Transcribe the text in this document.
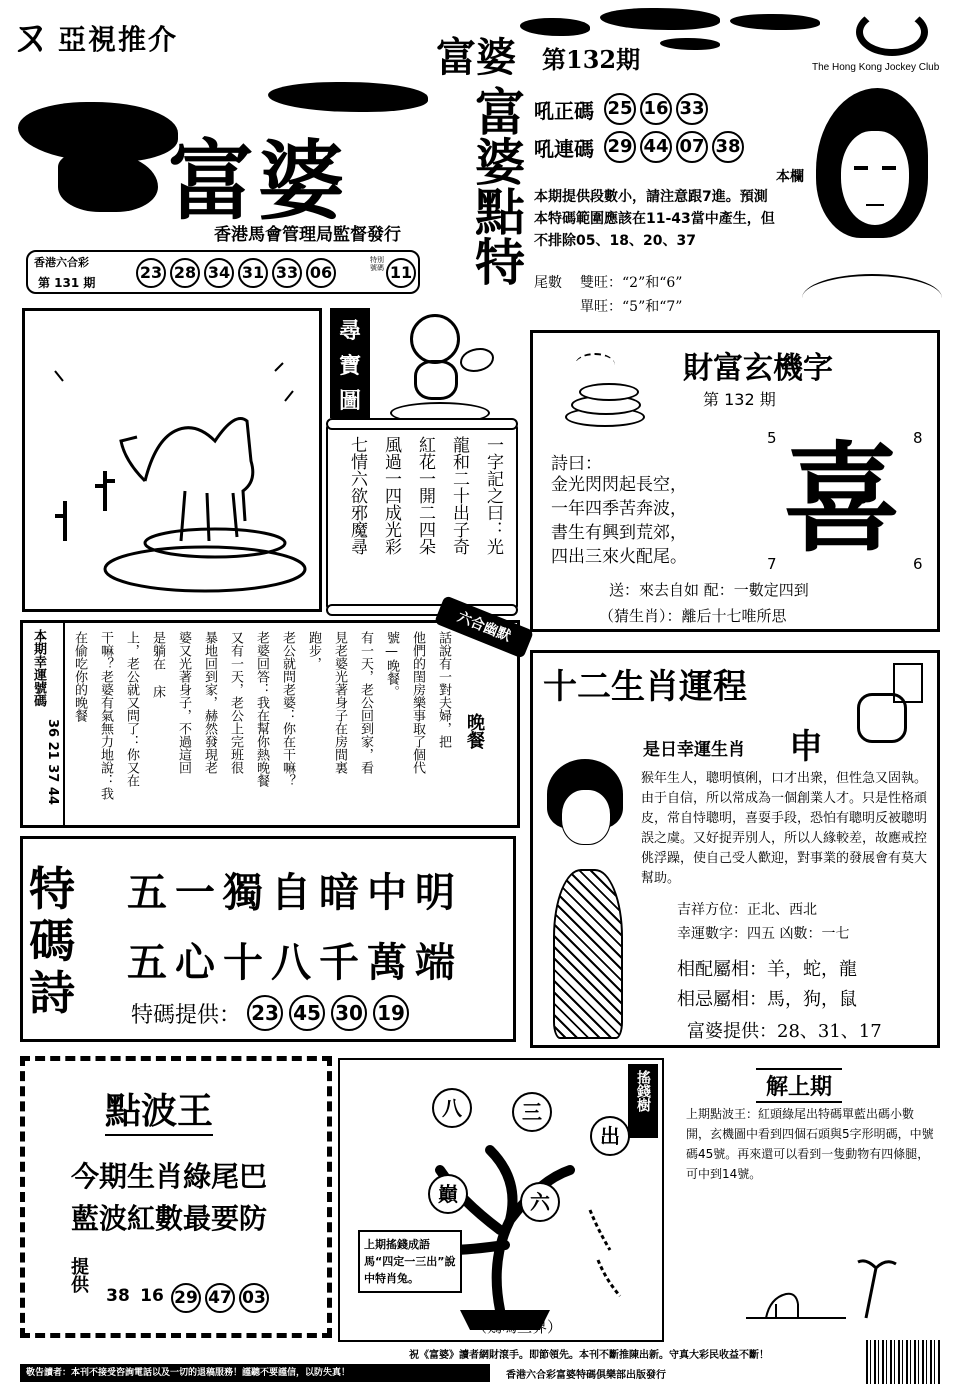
ㄡ 亞視推介	富婆 第132期	The Hong Kong Jockey Club
富婆
香港馬會管理局監督發行
香港六合彩
第 131 期
23 28 34 31 33 06
特別號碼 11 富婆點特 吼正碼 25 16 33
吼連碼 29 44 07 38
本欄
本期提供段數小，請注意跟7進。預測本特碼範圍應該在11-43當中產生，但不排除05、18、20、37
尾數 雙旺：“2”和“6”
單旺：“5”和“7”
尋
寶
圖
一字記之曰：光
龍和二十出子奇
紅花一開二四朵
風過一四成光彩
七情六欲邪魔尋
財富玄機字
第 132 期
5	8
7	6
喜
詩曰：
金光閃閃起長空，
一年四季苦奔波，
書生有興到荒郊，
四出三來火配尾。
送：來去自如 配：一數定四到
（猜生肖）：離后十七唯所思
話說有一對夫婦，把
他們的閨房樂事取了個代
號—晚餐。
有一天，老公回到家，看
見老婆光著身子在房間裏
跑步，
老公就問老婆：你在干嘛？
老婆回答：我在幫你熱晚餐
又有一天，老公上完班很
暴地回到家，赫然發現老
婆又光著身子，不過這回
是躺在 床
上，老公就又問了：你又在
干嘛？老婆有氣無力地說：我
在偷吃你的晚餐
晚餐
本期幸運號碼
36 21 37 44
六合幽默
十二生肖運程
是日幸運生肖 申
猴年生人，聰明慎俐，口才出衆，但性急又固執。由于自信，所以常成為一個創業人才。只是性格頑皮，常自恃聰明，喜耍手段，恐怕有聰明反被聰明誤之虞。又好捉弄別人，所以人緣較差，故應戒控佻浮躁，使自己受人歡迎，對事業的發展會有莫大幫助。
吉祥方位：正北、西北
幸運數字：四五 凶數：一七
相配屬相：羊，蛇，龍
相忌屬相：馬，狗，鼠
富婆提供：28、31、17
特碼詩
五一獨自暗中明
五心十八千萬端
特碼提供： 23 45 30 19
點波王
今期生肖綠尾巴
藍波紅數最要防
提供
38 16 29 47 03
搖錢樹
八	三
出
巔	六
上期搖錢成語馬“四定一三出”說中特肖兔。
（鷄鳴三界）
解上期
上期點波王：紅頭綠尾出特碼單藍出碼小數開，玄機圖中看到四個石頭與5字形明碼，中號碼45號。再來還可以看到一隻動物有四條腿，可中到14號。
祝《富婆》讀者網財滾手。即節領先。本刊不斷推陳出新。守真大彩民收益不斷！
敬告讀者：本刊不接受咨詢電話以及一切的退稿服務！謹聽不要謹信，以防失真！	香港六合彩富婆特碼俱樂部出版發行
